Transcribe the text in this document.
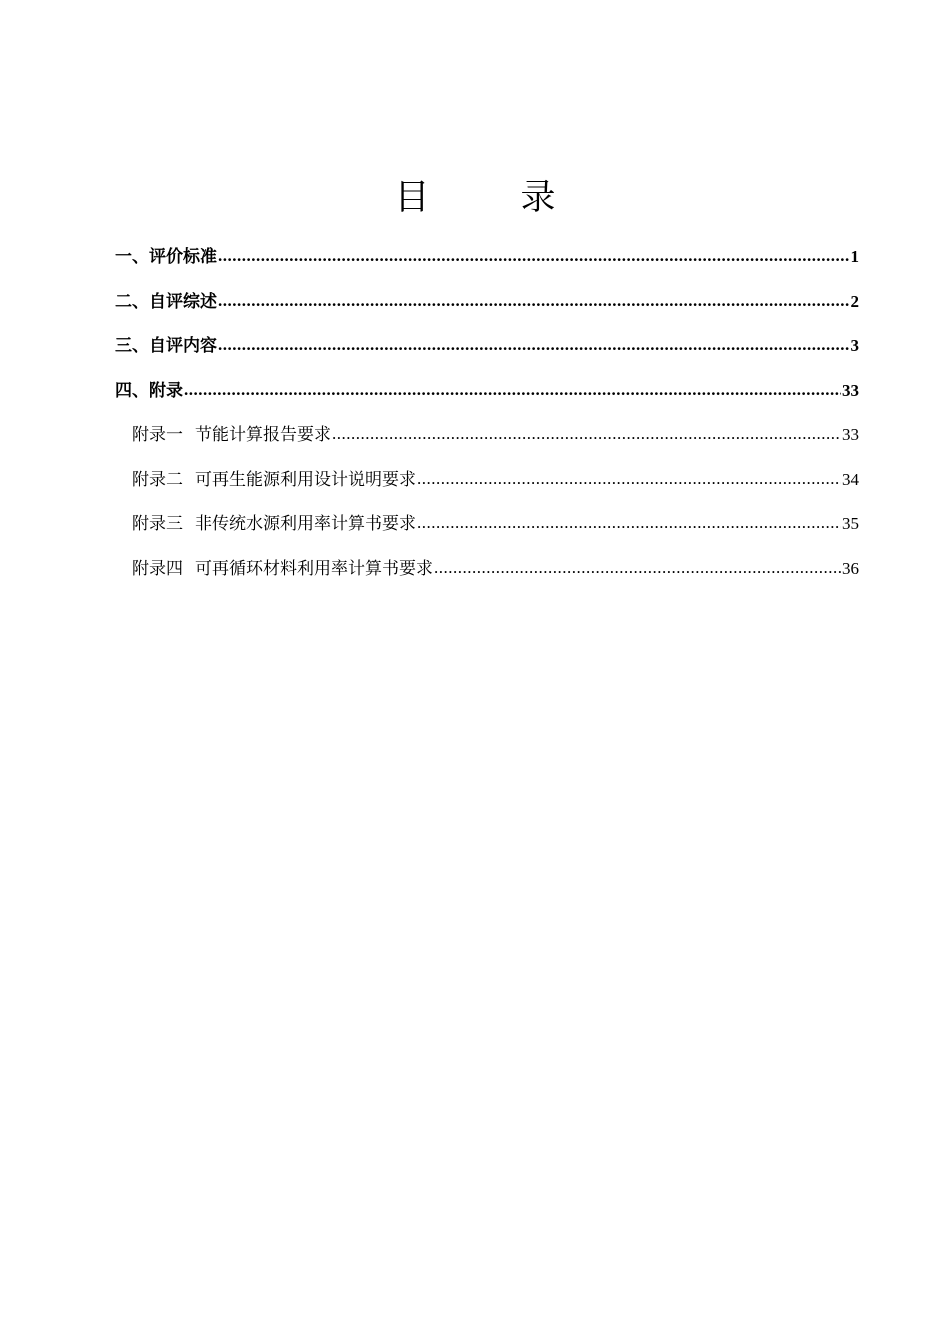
目　录
一、评价标准 .....	1
二、自评综述 .....	2
三、自评内容 .....	3
四、附录 .....	33
附录一 节能计算报告要求 .....	33
附录二 可再生能源利用设计说明要求 .....	34
附录三 非传统水源利用率计算书要求 .....	35
附录四 可再循环材料利用率计算书要求 .....	36
